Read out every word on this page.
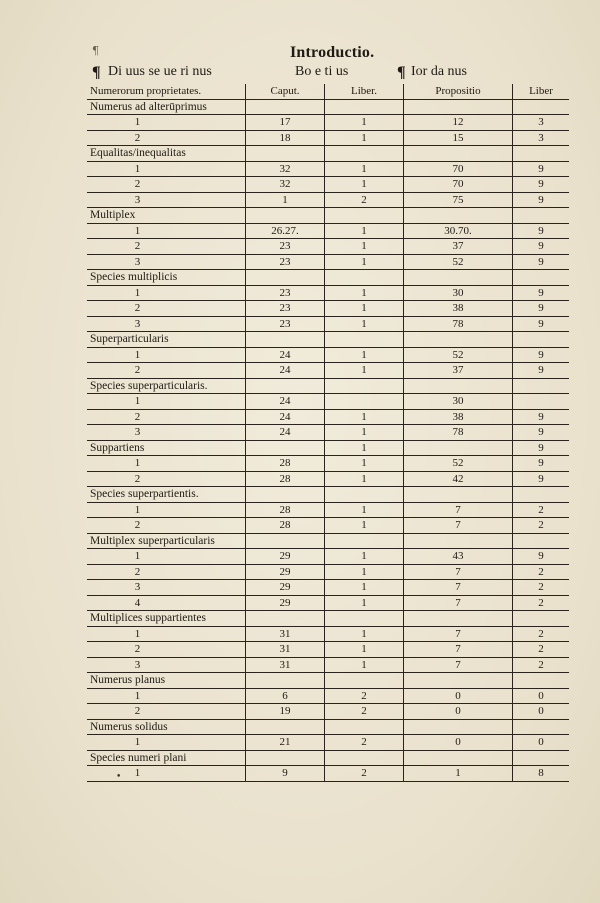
¶	Introductio.
¶ Di uus se ue ri nus	Bo e ti us	¶ Ior da nus
Numerorum proprietates.	Caput.	Liber.	Propositio	Liber
Numerus ad alterūprimus				
1	17	1	12	3
2	18	1	15	3
Equalitas/inequalitas				
1	32	1	70	9
2	32	1	70	9
3	1	2	75	9
Multiplex				
1	26.27.	1	30.70.	9
2	23	1	37	9
3	23	1	52	9
Species multiplicis				
1	23	1	30	9
2	23	1	38	9
3	23	1	78	9
Superparticularis				
1	24	1	52	9
2	24	1	37	9
Species superparticularis.				
1	24		30	
2	24	1	38	9
3	24	1	78	9
Suppartiens		1		9
1	28	1	52	9
2	28	1	42	9
Species superpartientis.				
1	28	1	7	2
2	28	1	7	2
Multiplex superparticularis				
1	29	1	43	9
2	29	1	7	2
3	29	1	7	2
4	29	1	7	2
Multiplices suppartientes				
1	31	1	7	2
2	31	1	7	2
3	31	1	7	2
Numerus planus				
1	6	2	0	0
2	19	2	0	0
Numerus solidus				
1	21	2	0	0
Species numeri plani				
1	9	2	1	8
•
